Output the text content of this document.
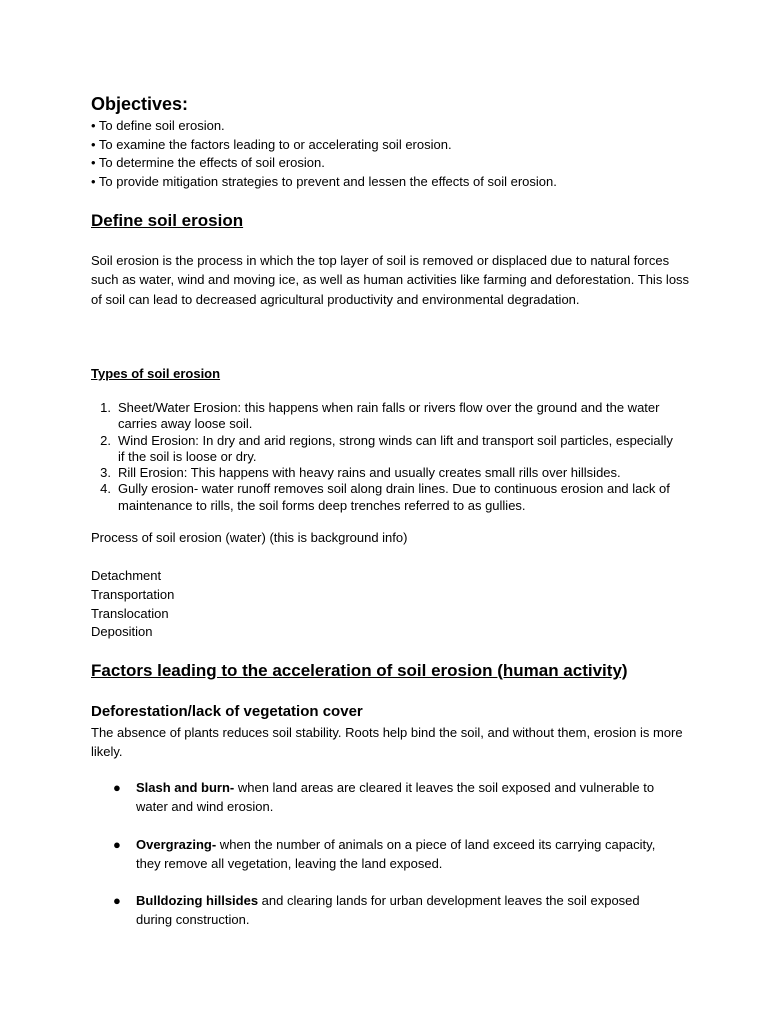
Objectives:
• To define soil erosion.
• To examine the factors leading to or accelerating soil erosion.
• To determine the effects of soil erosion.
• To provide mitigation strategies to prevent and lessen the effects of soil erosion.
Define soil erosion
Soil erosion is the process in which the top layer of soil is removed or displaced due to natural forces such as water, wind and moving ice, as well as human activities like farming and deforestation. This loss of soil can lead to decreased agricultural productivity and environmental degradation.
Types of soil erosion
1. Sheet/Water Erosion: this happens when rain falls or rivers flow over the ground and the water carries away loose soil.
2. Wind Erosion: In dry and arid regions, strong winds can lift and transport soil particles, especially if the soil is loose or dry.
3. Rill Erosion: This happens with heavy rains and usually creates small rills over hillsides.
4. Gully erosion- water runoff removes soil along drain lines. Due to continuous erosion and lack of maintenance to rills, the soil forms deep trenches referred to as gullies.
Process of soil erosion (water) (this is background info)
Detachment
Transportation
Translocation
Deposition
Factors leading to the acceleration of soil erosion (human activity)
Deforestation/lack of vegetation cover
The absence of plants reduces soil stability. Roots help bind the soil, and without them, erosion is more likely.
●	Slash and burn- when land areas are cleared it leaves the soil exposed and vulnerable to water and wind erosion.
●	Overgrazing- when the number of animals on a piece of land exceed its carrying capacity, they remove all vegetation, leaving the land exposed.
●	Bulldozing hillsides and clearing lands for urban development leaves the soil exposed during construction.
